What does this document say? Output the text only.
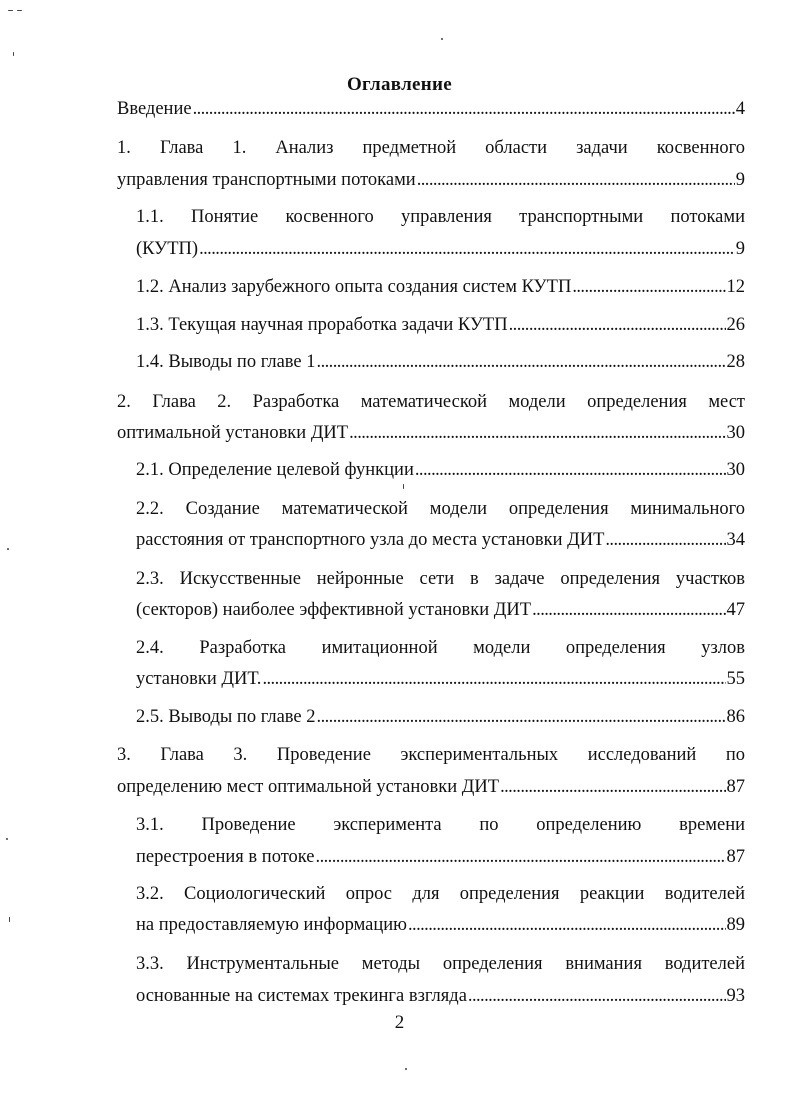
Оглавление
Введение . . .	4
1. Глава 1. Анализ предметной области задачи косвенного
управления транспортными потоками . . .	9
1.1. Понятие косвенного управления транспортными потоками
(КУТП) . . .	9
1.2. Анализ зарубежного опыта создания систем КУТП . . .	12
1.3. Текущая научная проработка задачи КУТП . . .	26
1.4. Выводы по главе 1 . . .	28
2. Глава 2. Разработка математической модели определения мест
оптимальной установки ДИТ . . .	30
2.1. Определение целевой функции . . .	30
2.2. Создание математической модели определения минимального
расстояния от транспортного узла до места установки ДИТ . . .	34
2.3. Искусственные нейронные сети в задаче определения участков
(секторов) наиболее эффективной установки ДИТ . . .	47
2.4. Разработка имитационной модели определения узлов
установки ДИТ. . . .	55
2.5. Выводы по главе 2 . . .	86
3. Глава 3. Проведение экспериментальных исследований по
определению мест оптимальной установки ДИТ . . .	87
3.1. Проведение эксперимента по определению времени
перестроения в потоке . . .	87
3.2. Социологический опрос для определения реакции водителей
на предоставляемую информацию . . .	89
3.3. Инструментальные методы определения внимания водителей
основанные на системах трекинга взгляда . . .	93
2
